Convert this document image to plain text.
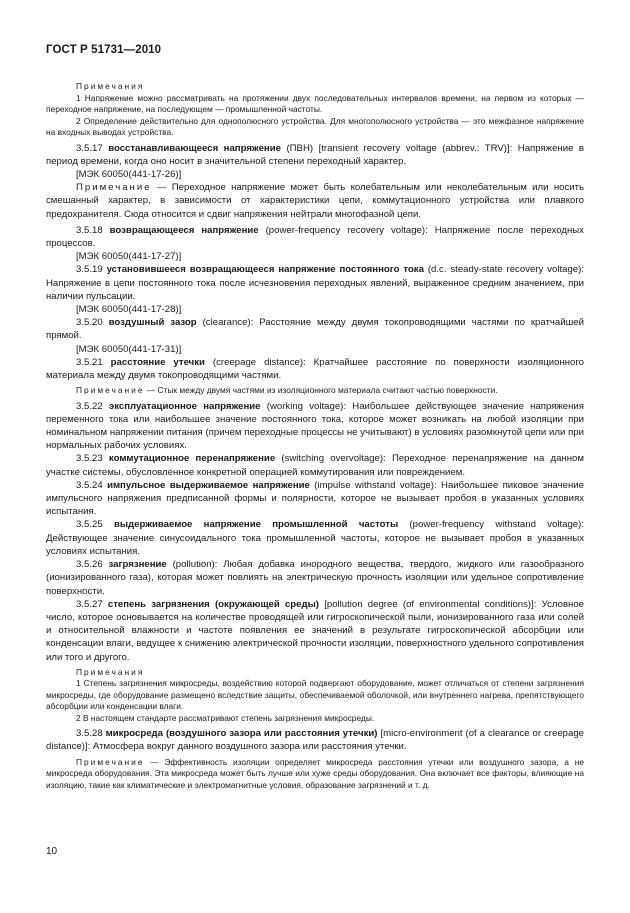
ГОСТ Р 51731—2010

Примечания

1 Напряжение можно рассматривать на протяжении двух последовательных интервалов времени, на первом из которых — переходное напряжение, на последующем — промышленной частоты.

2 Определение действительно для однополюсного устройства. Для многополюсного устройства — это межфазное напряжение на входных выводах устройства.

3.5.17 восстанавливающееся напряжение (ПВН) [transient recovery voltage (abbrev.: TRV)]: Напряжение в период времени, когда оно носит в значительной степени переходный характер.

[МЭК 60050(441-17-26)]

Примечание — Переходное напряжение может быть колебательным или неколебательным или носить смешанный характер, в зависимости от характеристики цепи, коммутационного устройства или плавкого предохранителя. Сюда относится и сдвиг напряжения нейтрали многофазной цепи.

3.5.18 возвращающееся напряжение (power-frequency recovery voltage): Напряжение после переходных процессов.

[МЭК 60050(441-17-27)]

3.5.19 установившееся возвращающееся напряжение постоянного тока (d.c. steady-state recovery voltage): Напряжение в цепи постоянного тока после исчезновения переходных явлений, выраженное средним значением, при наличии пульсации.

[МЭК 60050(441-17-28)]

3.5.20 воздушный зазор (clearance): Расстояние между двумя токопроводящими частями по кратчайшей прямой.

[МЭК 60050(441-17-31)]

3.5.21 расстояние утечки (creepage distance): Кратчайшее расстояние по поверхности изоляционного материала между двумя токопроводящими частями.

Примечание — Стык между двумя частями из изоляционного материала считают частью поверхности.

3.5.22 эксплуатационное напряжение (working voltage): Наибольшее действующее значение напряжения переменного тока или наибольшее значение постоянного тока, которое может возникать на любой изоляции при номинальном напряжении питания (причем переходные процессы не учитывают) в условиях разомкнутой цепи или при нормальных рабочих условиях.

3.5.23 коммутационное перенапряжение (switching overvoltage): Переходное перенапряжение на данном участке системы, обусловленное конкретной операцией коммутирования или повреждением.

3.5.24 импульсное выдерживаемое напряжение (impulse withstand voltage): Наибольшее пиковое значение импульсного напряжения предписанной формы и полярности, которое не вызывает пробоя в указанных условиях испытания.

3.5.25 выдерживаемое напряжение промышленной частоты (power-frequency withstand voltage): Действующее значение синусоидального тока промышленной частоты, которое не вызывает пробоя в указанных условиях испытания.

3.5.26 загрязнение (pollution): Любая добавка инородного вещества, твердого, жидкого или газообразного (ионизированного газа), которая может повлиять на электрическую прочность изоляции или удельное сопротивление поверхности.

3.5.27 степень загрязнения (окружающей среды) [pollution degree (of environmental conditions)]: Условное число, которое основывается на количестве проводящей или гигроскопической пыли, ионизированного газа или солей и относительной влажности и частоте появления ее значений в результате гигроскопической абсорбции или конденсации влаги, ведущее к снижению электрической прочности изоляции, поверхностного удельного сопротивления или того и другого.

Примечания

1 Степень загрязнения микросреды, воздействию которой подвергают оборудование, может отличаться от степени загрязнения микросреды, где оборудование размещено вследствие защиты, обеспечиваемой оболочкой, или внутреннего нагрева, препятствующего абсорбции или конденсации влаги.

2 В настоящем стандарте рассматривают степень загрязнения микросреды.

3.5.28 микросреда (воздушного зазора или расстояния утечки) [micro-environment (of a clearance or creepage distance)]: Атмосфера вокруг данного воздушного зазора или расстояния утечки.

Примечание — Эффективность изоляции определяет микросреда расстояния утечки или воздушного зазора, а не микросреда оборудования. Эта микросреда может быть лучше или хуже среды оборудования. Она включает все факторы, влияющие на изоляцию, такие как климатические и электромагнитные условия, образование загрязнений и т. д.

10
